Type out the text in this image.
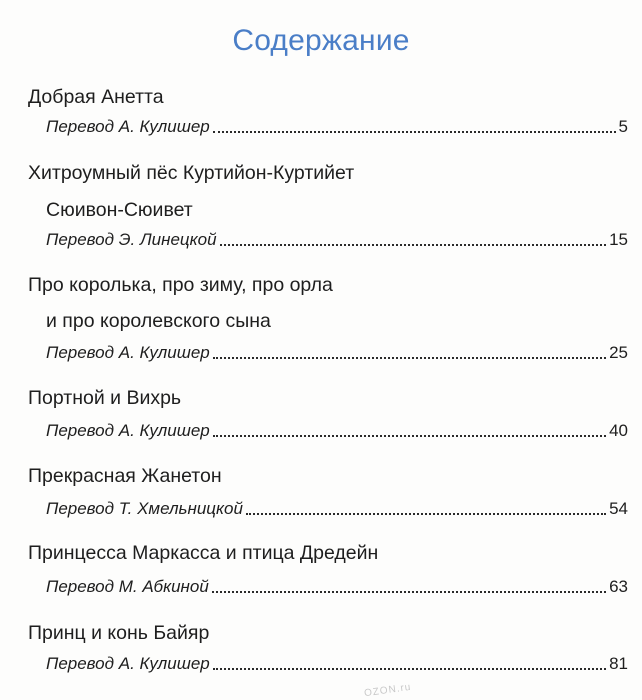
Содержание
Добрая Анетта
Перевод А. Кулишер	5
Хитроумный пёс Куртийон-Куртийет
Сюивон-Сюивет
Перевод Э. Линецкой	15
Про королька, про зиму, про орла
и про королевского сына
Перевод А. Кулишер	25
Портной и Вихрь
Перевод А. Кулишер	40
Прекрасная Жанетон
Перевод Т. Хмельницкой	54
Принцесса Маркасса и птица Дредейн
Перевод М. Абкиной	63
Принц и конь Байяр
Перевод А. Кулишер	81
OZON.ru
